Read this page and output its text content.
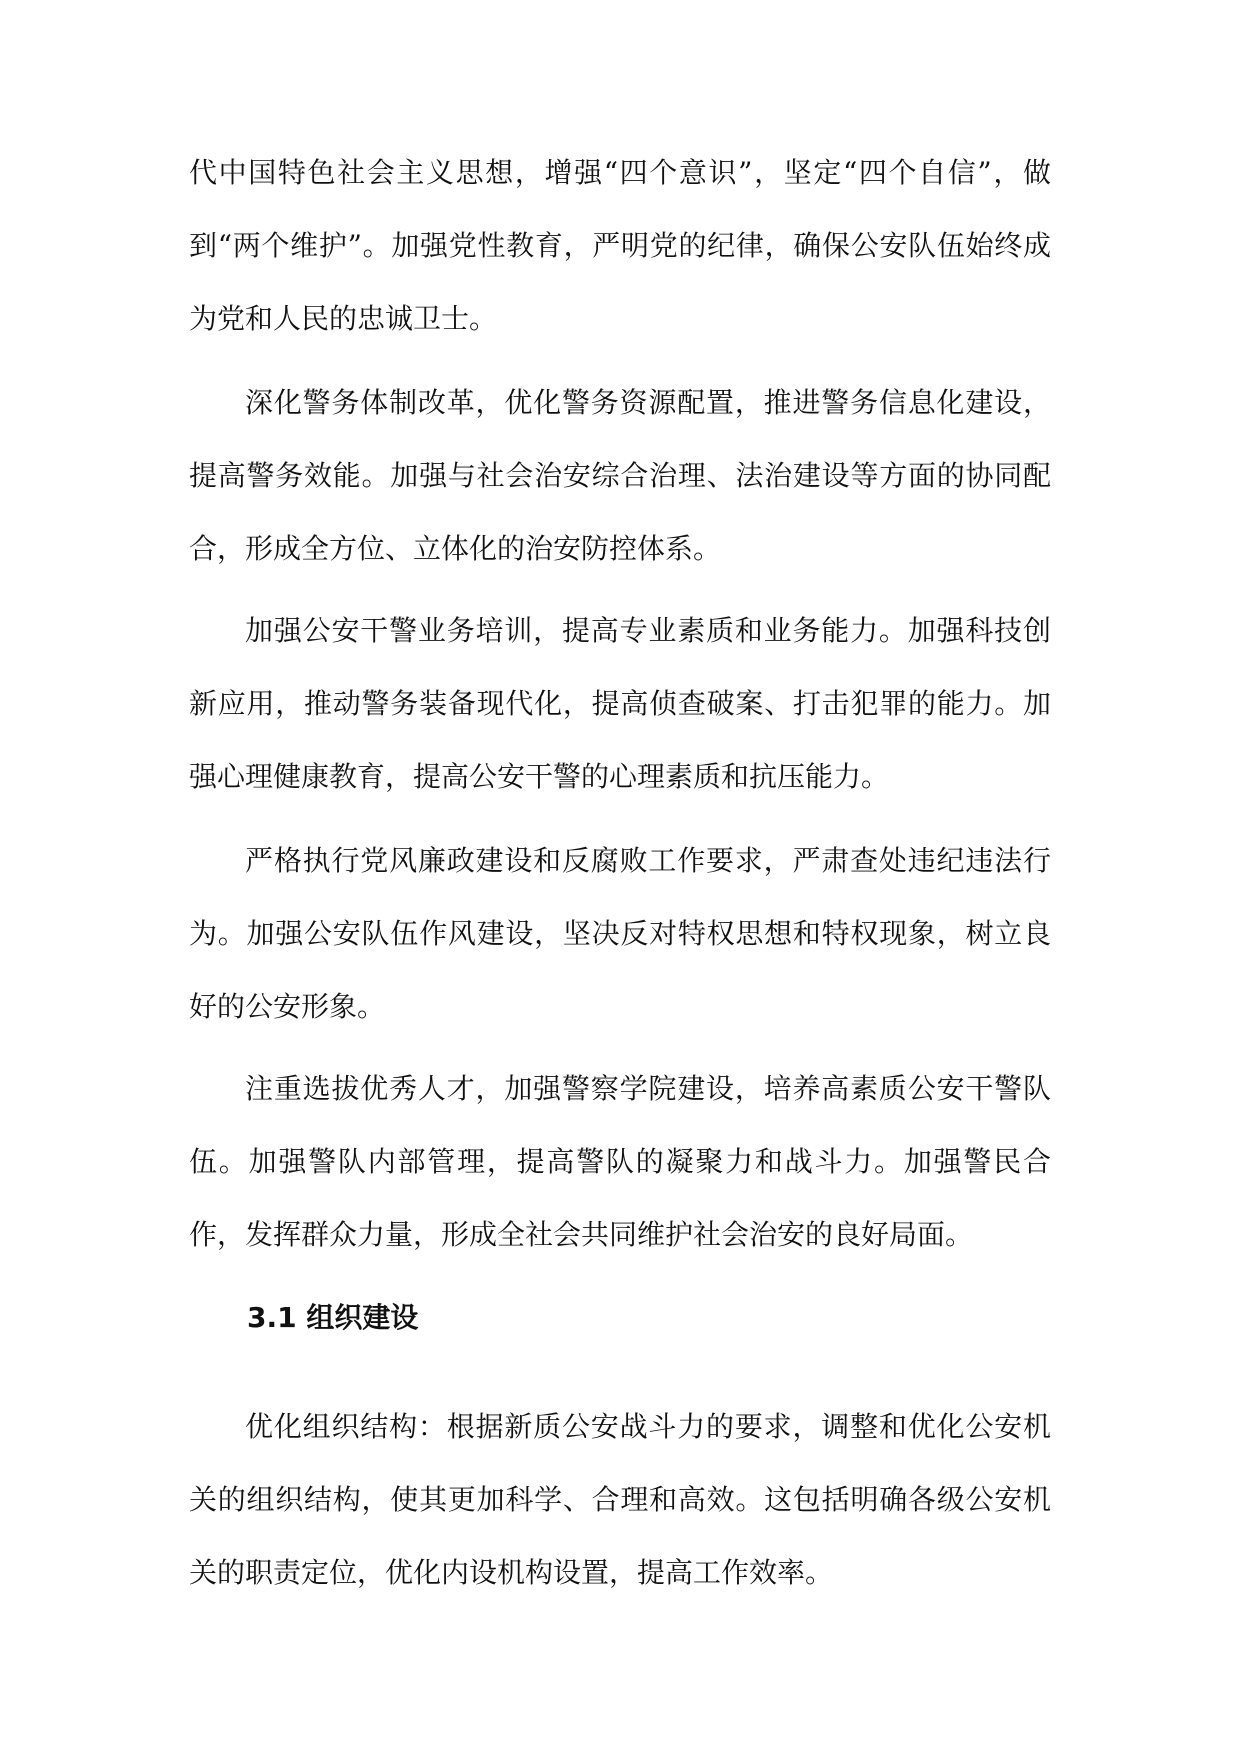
代中国特色社会主义思想，增强“四个意识”，坚定“四个自信”，做到“两个维护”。加强党性教育，严明党的纪律，确保公安队伍始终成为党和人民的忠诚卫士。

深化警务体制改革，优化警务资源配置，推进警务信息化建设，提高警务效能。加强与社会治安综合治理、法治建设等方面的协同配合，形成全方位、立体化的治安防控体系。

加强公安干警业务培训，提高专业素质和业务能力。加强科技创新应用，推动警务装备现代化，提高侦查破案、打击犯罪的能力。加强心理健康教育，提高公安干警的心理素质和抗压能力。

严格执行党风廉政建设和反腐败工作要求，严肃查处违纪违法行为。加强公安队伍作风建设，坚决反对特权思想和特权现象，树立良好的公安形象。

注重选拔优秀人才，加强警察学院建设，培养高素质公安干警队伍。加强警队内部管理，提高警队的凝聚力和战斗力。加强警民合作，发挥群众力量，形成全社会共同维护社会治安的良好局面。

3.1 组织建设

优化组织结构：根据新质公安战斗力的要求，调整和优化公安机关的组织结构，使其更加科学、合理和高效。这包括明确各级公安机关的职责定位，优化内设机构设置，提高工作效率。
